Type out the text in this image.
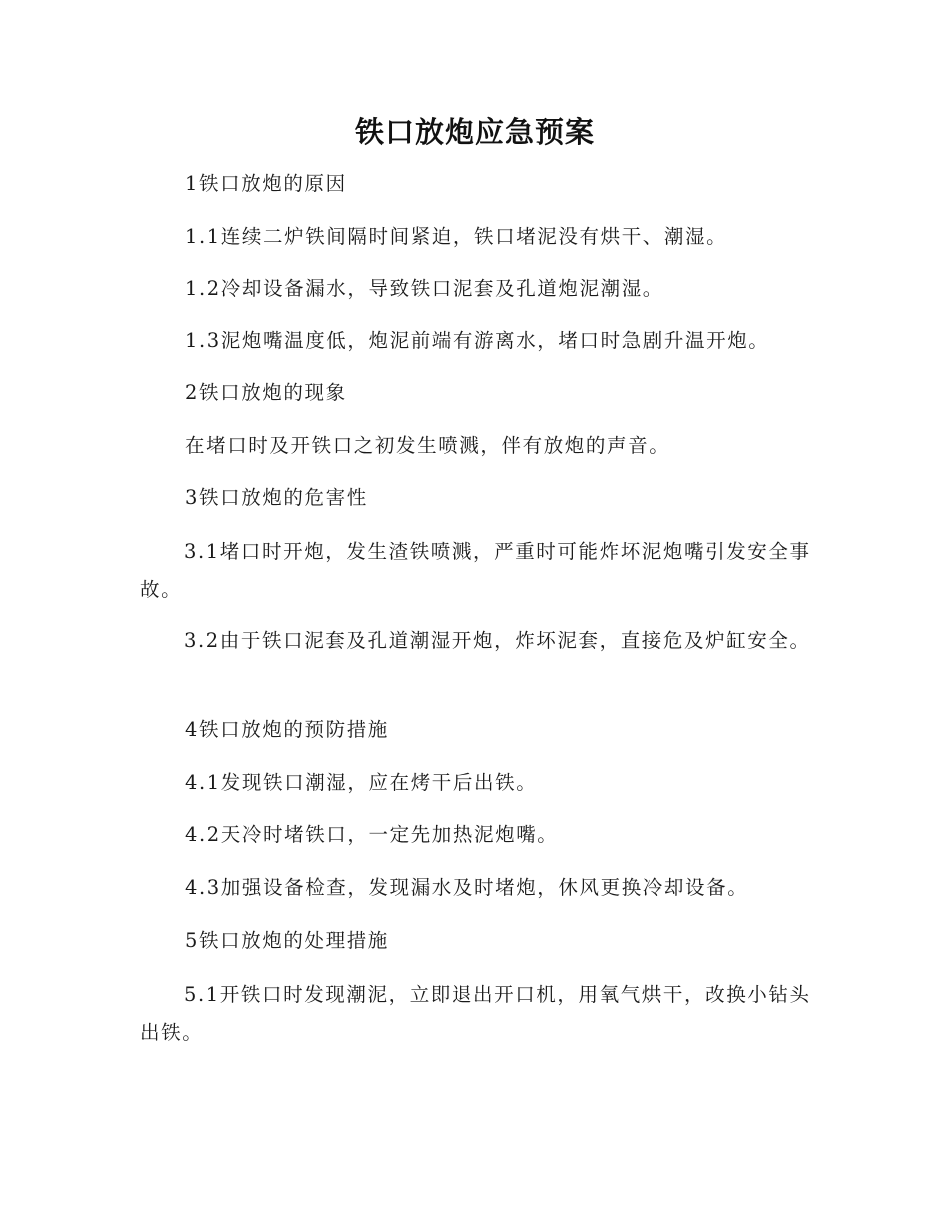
铁口放炮应急预案
1铁口放炮的原因
1.1连续二炉铁间隔时间紧迫，铁口堵泥没有烘干、潮湿。
1.2冷却设备漏水，导致铁口泥套及孔道炮泥潮湿。
1.3泥炮嘴温度低，炮泥前端有游离水，堵口时急剧升温开炮。
2铁口放炮的现象
在堵口时及开铁口之初发生喷溅，伴有放炮的声音。
3铁口放炮的危害性
3.1堵口时开炮，发生渣铁喷溅，严重时可能炸坏泥炮嘴引发安全事故。
3.2由于铁口泥套及孔道潮湿开炮，炸坏泥套，直接危及炉缸安全。
4铁口放炮的预防措施
4.1发现铁口潮湿，应在烤干后出铁。
4.2天冷时堵铁口，一定先加热泥炮嘴。
4.3加强设备检查，发现漏水及时堵炮，休风更换冷却设备。
5铁口放炮的处理措施
5.1开铁口时发现潮泥，立即退出开口机，用氧气烘干，改换小钻头出铁。
